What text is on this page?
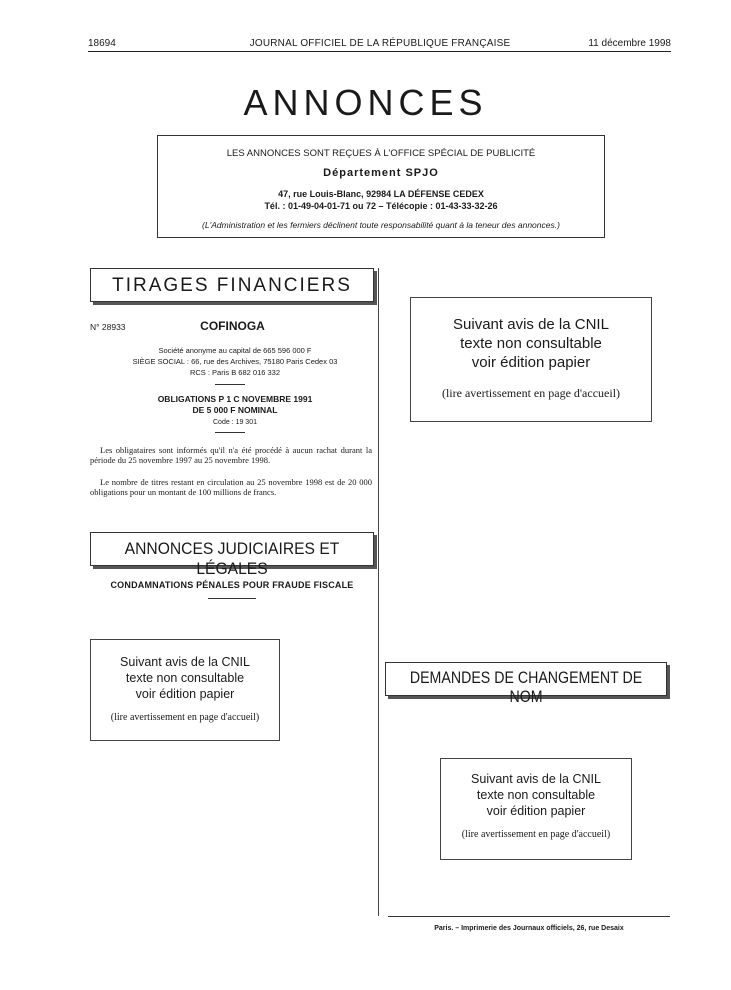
18694	JOURNAL OFFICIEL DE LA RÉPUBLIQUE FRANÇAISE	11 décembre 1998
ANNONCES
LES ANNONCES SONT REÇUES À L'OFFICE SPÉCIAL DE PUBLICITÉ
Département SPJO
47, rue Louis-Blanc, 92984 LA DÉFENSE CEDEX
Tél. : 01-49-04-01-71 ou 72 – Télécopie : 01-43-33-32-26
(L'Administration et les fermiers déclinent toute responsabilité quant à la teneur des annonces.)
TIRAGES FINANCIERS
N° 28933	COFINOGA
Société anonyme au capital de 665 596 000 F
SIÈGE SOCIAL : 66, rue des Archives, 75180 Paris Cedex 03
RCS : Paris B 682 016 332
OBLIGATIONS P 1 C NOVEMBRE 1991
DE 5 000 F NOMINAL
Code : 19 301
Les obligataires sont informés qu'il n'a été procédé à aucun rachat durant la période du 25 novembre 1997 au 25 novembre 1998.
Le nombre de titres restant en circulation au 25 novembre 1998 est de 20 000 obligations pour un montant de 100 millions de francs.
ANNONCES JUDICIAIRES ET LÉGALES
CONDAMNATIONS PÉNALES POUR FRAUDE FISCALE
Suivant avis de la CNIL
texte non consultable
voir édition papier
(lire avertissement en page d'accueil)
Suivant avis de la CNIL
texte non consultable
voir édition papier
(lire avertissement en page d'accueil)
DEMANDES DE CHANGEMENT DE NOM
Suivant avis de la CNIL
texte non consultable
voir édition papier
(lire avertissement en page d'accueil)
Paris. – Imprimerie des Journaux officiels, 26, rue Desaix
